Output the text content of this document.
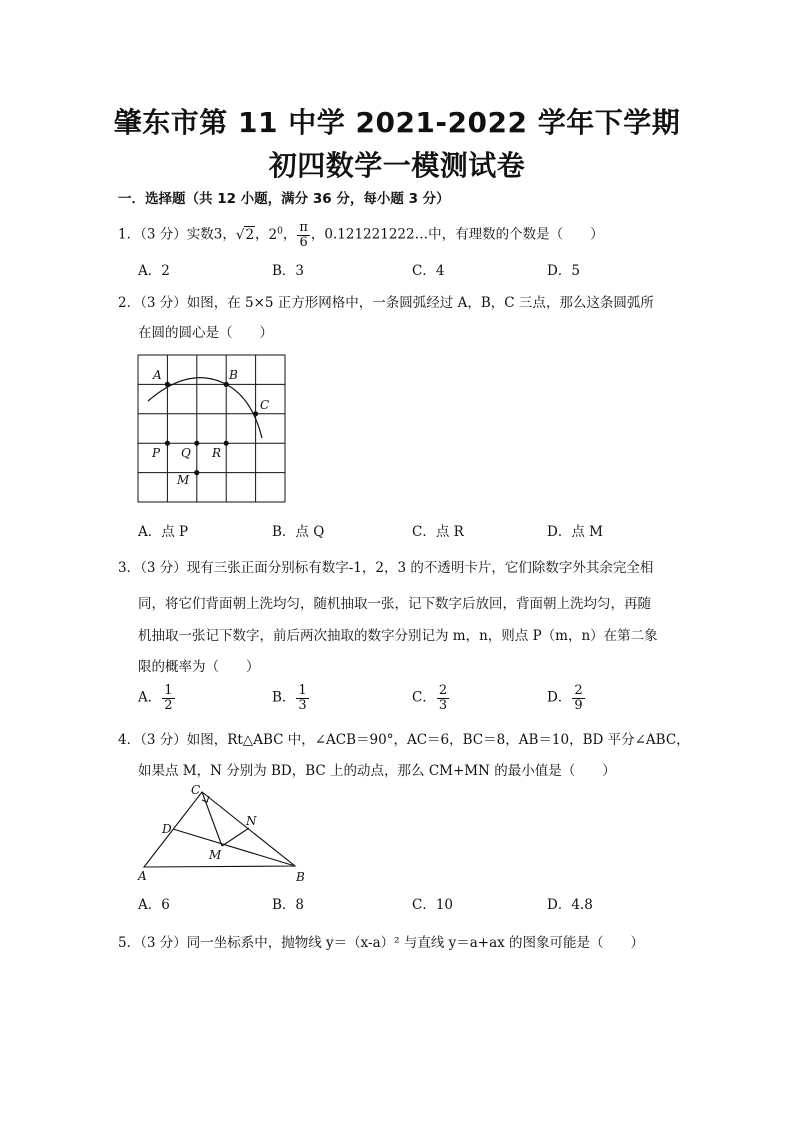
肇东市第 11 中学 2021-2022 学年下学期
初四数学一模测试卷
一．选择题（共 12 小题，满分 36 分，每小题 3 分）
1．（3 分）实数3，√2，$2^0$， $\frac{\pi}{6}$ ，0.121221222…中，有理数的个数是（　　）
A．2	B．3	C．4	D．5
2．（3 分）如图，在 5×5 正方形网格中，一条圆弧经过 A，B，C 三点，那么这条圆弧所
在圆的圆心是（　　）
A	B
C
P Q R
M
A．点 P	B．点 Q	C．点 R	D．点 M
3．（3 分）现有三张正面分别标有数字-1，2，3 的不透明卡片，它们除数字外其余完全相
同，将它们背面朝上洗均匀，随机抽取一张，记下数字后放回，背面朝上洗均匀，再随
机抽取一张记下数字，前后两次抽取的数字分别记为 m，n，则点 P（m，n）在第二象
限的概率为（　　）
A． $\frac{1}{2}$	B． $\frac{1}{3}$	C． $\frac{2}{3}$	D． $\frac{2}{9}$
4．（3 分）如图，Rt△ABC 中，∠ACB＝90°，AC＝6，BC＝8，AB＝10，BD 平分∠ABC，
如果点 M，N 分别为 BD，BC 上的动点，那么 CM+MN 的最小值是（　　）
C
D
N
M
A	B
A．6	B．8	C．10	D．4.8
5．（3 分）同一坐标系中，抛物线 y＝（x-a）² 与直线 y＝a+ax 的图象可能是（　　）
